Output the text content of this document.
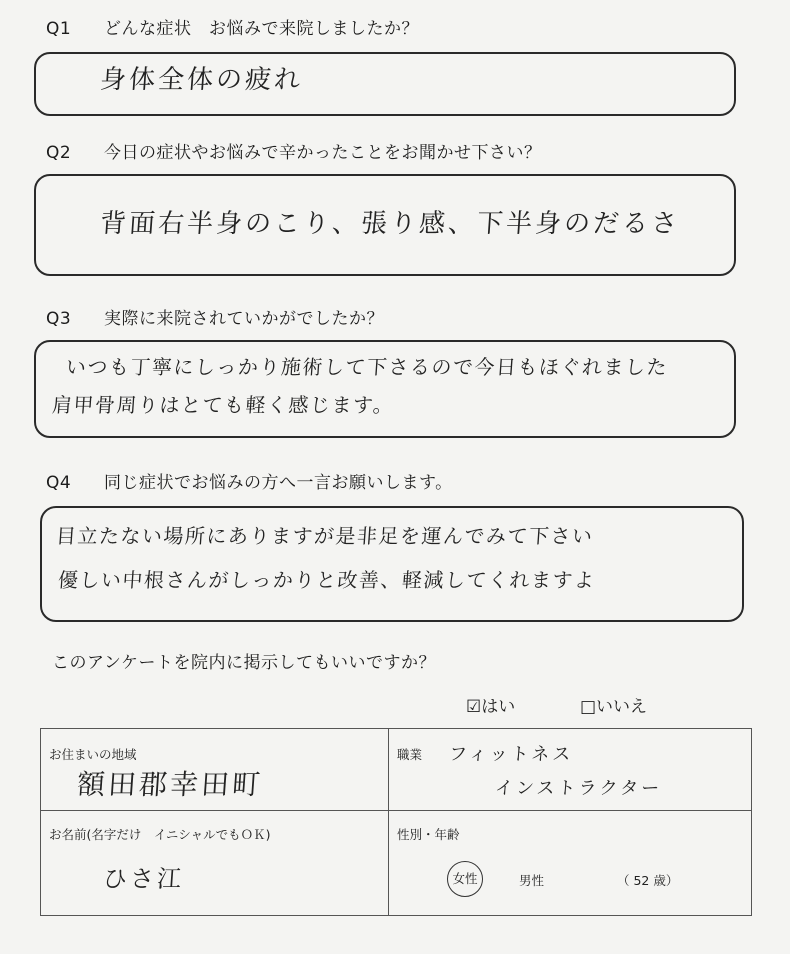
Q1 どんな症状　お悩みで来院しましたか？
身体全体の疲れ
Q2 今日の症状やお悩みで辛かったことをお聞かせ下さい？
背面右半身のこり、張り感、下半身のだるさ
Q3 実際に来院されていかがでしたか？
いつも丁寧にしっかり施術して下さるので今日もほぐれました
肩甲骨周りはとても軽く感じます。
Q4 同じ症状でお悩みの方へ一言お願いします。
目立たない場所にありますが是非足を運んでみて下さい
優しい中根さんがしっかりと改善、軽減してくれますよ
このアンケートを院内に掲示してもいいですか？
☑はい	□いいえ
お住まいの地域
額田郡幸田町
職業 フィットネス
インストラクター
お名前(名字だけ　イニシャルでもＯＫ)
ひさ江
性別・年齢
女性	男性	（ 52 歳）
